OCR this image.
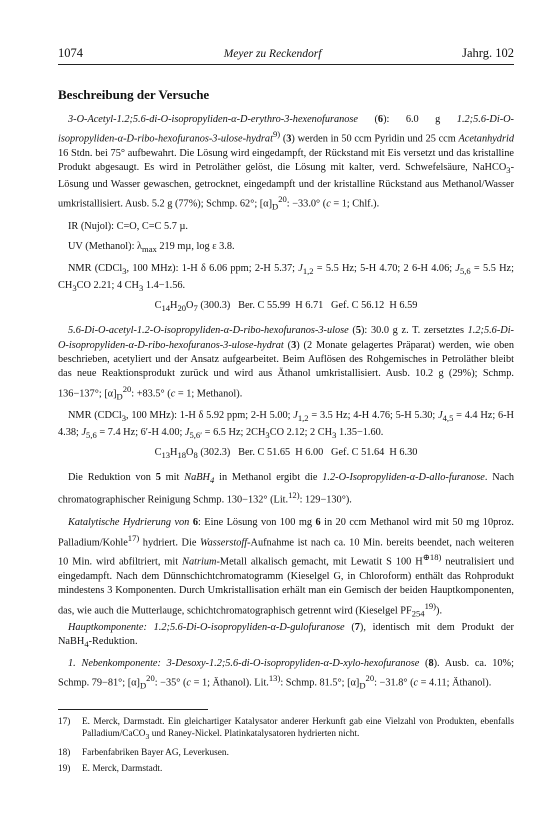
1074	Meyer zu Reckendorf	Jahrg. 102
Beschreibung der Versuche

3-O-Acetyl-1.2;5.6-di-O-isopropyliden-α-D-erythro-3-hexenofuranose (6): 6.0 g 1.2;5.6-Di-O-isopropyliden-α-D-ribo-hexofuranos-3-ulose-hydrat$^{9)}$ (3) werden in 50 ccm Pyridin und 25 ccm Acetanhydrid 16 Stdn. bei 75° aufbewahrt. Die Lösung wird eingedampft, der Rückstand mit Eis versetzt und das kristalline Produkt abgesaugt. Es wird in Petroläther gelöst, die Lösung mit kalter, verd. Schwefelsäure, NaHCO$_3$-Lösung und Wasser gewaschen, getrocknet, eingedampft und der kristalline Rückstand aus Methanol/Wasser umkristallisiert. Ausb. 5.2 g (77%); Schmp. 62°; $[\alpha]_D^{20}$: −33.0° (c = 1; Chlf.).

IR (Nujol): C=O, C=C 5.7 µ.

UV (Methanol): $\lambda_{max}$ 219 mµ, log ε 3.8.

NMR (CDCl$_3$, 100 MHz): 1-H δ 6.06 ppm; 2-H 5.37; $J_{1,2} = 5.5$ Hz; 5-H 4.70; 2 6-H 4.06; $J_{5,6} = 5.5$ Hz; $CH_3CO$ 2.21; 4 $CH_3$ 1.4−1.56.

$C_{14}H_{20}O_7$ (300.3)   Ber. C 55.99  H 6.71   Gef. C 56.12  H 6.59

5.6-Di-O-acetyl-1.2-O-isopropyliden-α-D-ribo-hexofuranos-3-ulose (5): 30.0 g z. T. zersetztes 1.2;5.6-Di-O-isopropyliden-α-D-ribo-hexofuranos-3-ulose-hydrat (3) (2 Monate gelagertes Präparat) werden, wie oben beschrieben, acetyliert und der Ansatz aufgearbeitet. Beim Auflösen des Rohgemisches in Petroläther bleibt das neue Reaktionsprodukt zurück und wird aus Äthanol umkristallisiert. Ausb. 10.2 g (29%); Schmp. 136−137°; $[\alpha]_D^{20}$: +83.5° (c = 1; Methanol).

NMR (CDCl$_3$, 100 MHz): 1-H δ 5.92 ppm; 2-H 5.00; $J_{1,2} = 3.5$ Hz; 4-H 4.76; 5-H 5.30; $J_{4,5} = 4.4$ Hz; 6-H 4.38; $J_{5,6} = 7.4$ Hz; 6′-H 4.00; $J_{5,6'} = 6.5$ Hz; $2CH_3CO$ 2.12; 2 $CH_3$ 1.35−1.60.

$C_{13}H_{18}O_8$ (302.3)   Ber. C 51.65  H 6.00   Gef. C 51.64  H 6.30

Die Reduktion von 5 mit NaBH$_4$ in Methanol ergibt die 1.2-O-Isopropyliden-α-D-allo-furanose. Nach chromatographischer Reinigung Schmp. 130−132° (Lit.$^{12)}$: 129−130°).

Katalytische Hydrierung von 6: Eine Lösung von 100 mg 6 in 20 ccm Methanol wird mit 50 mg 10proz. Palladium/Kohle$^{17)}$ hydriert. Die Wasserstoff-Aufnahme ist nach ca. 10 Min. bereits beendet, nach weiteren 10 Min. wird abfiltriert, mit Natrium-Metall alkalisch gemacht, mit Lewatit S 100 $H^{\oplus 18)}$ neutralisiert und eingedampft. Nach dem Dünnschichtchromatogramm (Kieselgel G, in Chloroform) enthält das Rohprodukt mindestens 3 Komponenten. Durch Umkristallisation erhält man ein Gemisch der beiden Hauptkomponenten, das, wie auch die Mutterlauge, schichtchromatographisch getrennt wird (Kieselgel $PF_{254}^{19)}$).

Hauptkomponente: 1.2;5.6-Di-O-isopropyliden-α-D-gulofuranose (7), identisch mit dem Produkt der NaBH$_4$-Reduktion.

1. Nebenkomponente: 3-Desoxy-1.2;5.6-di-O-isopropyliden-α-D-xylo-hexofuranose (8). Ausb. ca. 10%; Schmp. 79−81°; $[\alpha]_D^{20}$: −35° (c = 1; Äthanol). Lit.$^{13)}$: Schmp. 81.5°; $[\alpha]_D^{20}$: −31.8° (c = 4.11; Äthanol).

17) E. Merck, Darmstadt. Ein gleichartiger Katalysator anderer Herkunft gab eine Vielzahl von Produkten, ebenfalls Palladium/CaCO$_3$ und Raney-Nickel. Platinkatalysatoren hydrierten nicht.

18) Farbenfabriken Bayer AG, Leverkusen.

19) E. Merck, Darmstadt.
